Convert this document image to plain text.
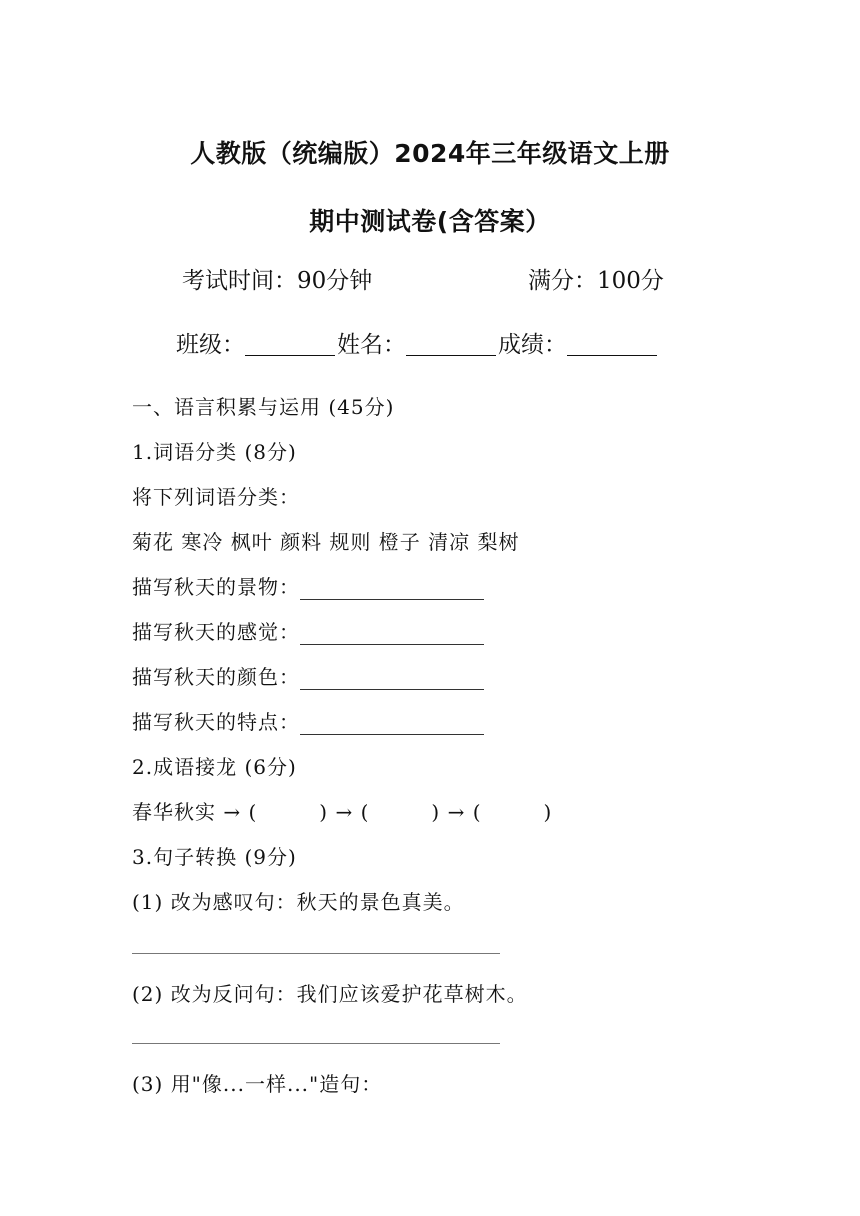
人教版（统编版）2024年三年级语文上册
期中测试卷(含答案）
考试时间：90分钟	满分：100分
班级：	姓名：	成绩：
一、语言积累与运用 (45分)
1.词语分类 (8分)
将下列词语分类：
菊花 寒冷 枫叶 颜料 规则 橙子 清凉 梨树
描写秋天的景物：
描写秋天的感觉：
描写秋天的颜色：
描写秋天的特点：
2.成语接龙 (6分)
春华秋实 → (	) → (	) → (	)
3.句子转换 (9分)
(1) 改为感叹句：秋天的景色真美。
(2) 改为反问句：我们应该爱护花草树木。
(3) 用"像...一样..."造句：
